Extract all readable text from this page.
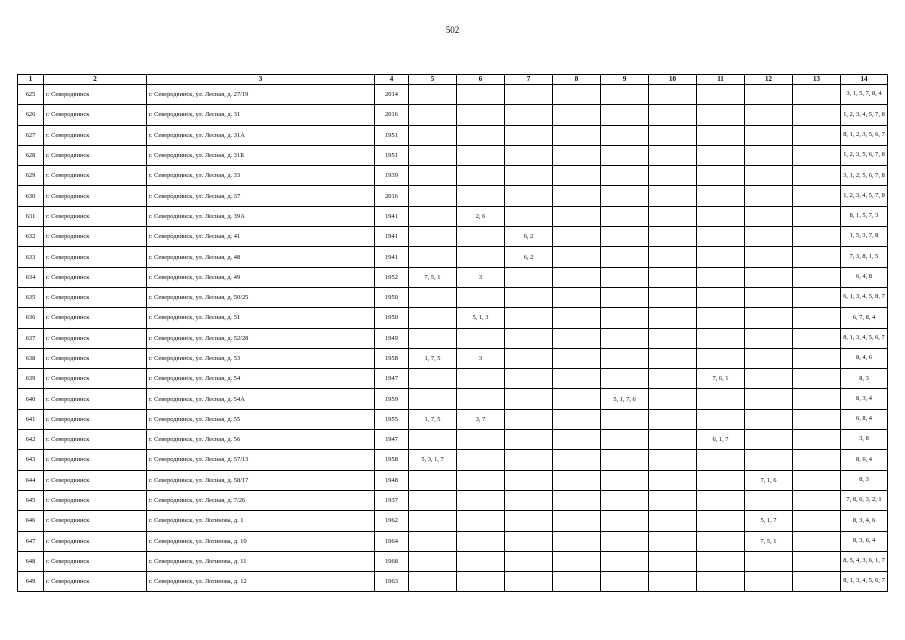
502
1	2	3	4	5	6	7	8	9	10	11	12	13	14
625	г. Северодвинск	г. Северодвинск, ул. Лесная, д. 27/19	2014										3, 1, 5, 7, 8, 4
626	г. Северодвинск	г. Северодвинск, ул. Лесная, д. 31	2016										1, 2, 3, 4, 5, 7, 8
627	г. Северодвинск	г. Северодвинск, ул. Лесная, д. 31А	1951										8, 1, 2, 3, 5, 6, 7
628	г. Северодвинск	г. Северодвинск, ул. Лесная, д. 31Б	1951										1, 2, 3, 5, 6, 7, 8
629	г. Северодвинск	г. Северодвинск, ул. Лесная, д. 33	1939										3, 1, 2, 5, 6, 7, 8
630	г. Северодвинск	г. Северодвинск, ул. Лесная, д. 37	2016										1, 2, 3, 4, 5, 7, 8
631	г. Северодвинск	г. Северодвинск, ул. Лесная, д. 39А	1941		2, 6								8, 1, 5, 7, 3
632	г. Северодвинск	г. Северодвинск, ул. Лесная, д. 41	1941			6, 2							1, 5, 3, 7, 8
633	г. Северодвинск	г. Северодвинск, ул. Лесная, д. 48	1941			6, 2							7, 3, 8, 1, 5
634	г. Северодвинск	г. Северодвинск, ул. Лесная, д. 49	1952	7, 5, 1	3								6, 4, 8
635	г. Северодвинск	г. Северодвинск, ул. Лесная, д. 50/25	1950										6, 1, 3, 4, 5, 8, 7
636	г. Северодвинск	г. Северодвинск, ул. Лесная, д. 51	1950		5, 1, 3								6, 7, 8, 4
637	г. Северодвинск	г. Северодвинск, ул. Лесная, д. 52/28	1949										8, 1, 3, 4, 5, 6, 7
638	г. Северодвинск	г. Северодвинск, ул. Лесная, д. 53	1958	1, 7, 5	3								8, 4, 6
639	г. Северодвинск	г. Северодвинск, ул. Лесная, д. 54	1947							7, 6, 1			8, 3
640	г. Северодвинск	г. Северодвинск, ул. Лесная, д. 54А	1959					5, 1, 7, 6					8, 3, 4
641	г. Северодвинск	г. Северодвинск, ул. Лесная, д. 55	1955	1, 7, 5	3, 7								6, 8, 4
642	г. Северодвинск	г. Северодвинск, ул. Лесная, д. 56	1947							6, 1, 7			3, 8
643	г. Северодвинск	г. Северодвинск, ул. Лесная, д. 57/13	1958	5, 3, 1, 7									8, 6, 4
644	г. Северодвинск	г. Северодвинск, ул. Лесная, д. 58/17	1948								7, 1, 6		8, 3
645	г. Северодвинск	г. Северодвинск, ул. Лесная, д. 7/26	1937										7, 8, 6, 3, 2, 1
646	г. Северодвинск	г. Северодвинск, ул. Логинова, д. 1	1962								5, 1, 7		8, 3, 4, 6
647	г. Северодвинск	г. Северодвинск, ул. Логинова, д. 10	1964								7, 5, 1		8, 3, 6, 4
648	г. Северодвинск	г. Северодвинск, ул. Логинова, д. 11	1968										8, 5, 4, 3, 6, 1, 7
649	г. Северодвинск	г. Северодвинск, ул. Логинова, д. 12	1963										8, 1, 3, 4, 5, 6, 7
